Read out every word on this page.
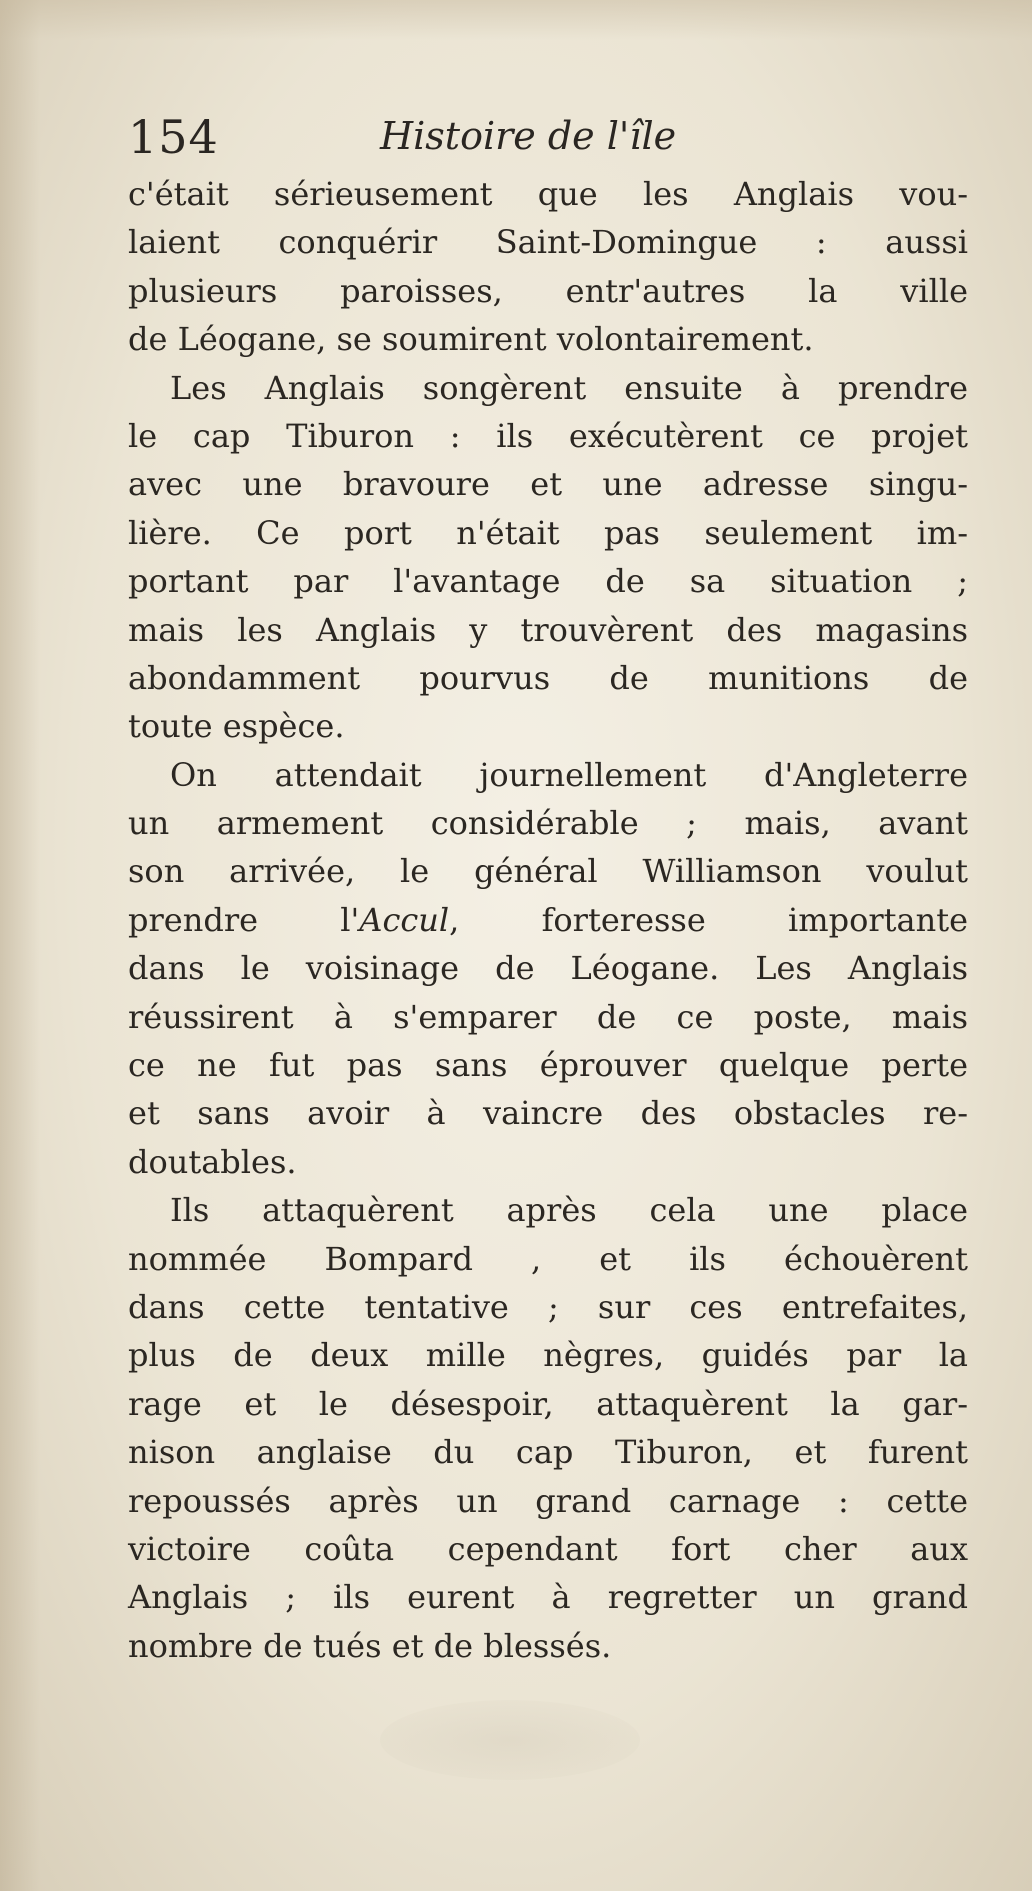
154	Histoire de l'île
c'était sérieusement que les Anglais vou-
laient conquérir Saint-Domingue : aussi
plusieurs paroisses, entr'autres la ville
de Léogane, se soumirent volontairement.
Les Anglais songèrent ensuite à prendre
le cap Tiburon : ils exécutèrent ce projet
avec une bravoure et une adresse singu-
lière. Ce port n'était pas seulement im-
portant par l'avantage de sa situation ;
mais les Anglais y trouvèrent des magasins
abondamment pourvus de munitions de
toute espèce.
On attendait journellement d'Angleterre
un armement considérable ; mais, avant
son arrivée, le général Williamson voulut
prendre l'Accul, forteresse importante
dans le voisinage de Léogane. Les Anglais
réussirent à s'emparer de ce poste, mais
ce ne fut pas sans éprouver quelque perte
et sans avoir à vaincre des obstacles re-
doutables.
Ils attaquèrent après cela une place
nommée Bompard , et ils échouèrent
dans cette tentative ; sur ces entrefaites,
plus de deux mille nègres, guidés par la
rage et le désespoir, attaquèrent la gar-
nison anglaise du cap Tiburon, et furent
repoussés après un grand carnage : cette
victoire coûta cependant fort cher aux
Anglais ; ils eurent à regretter un grand
nombre de tués et de blessés.
